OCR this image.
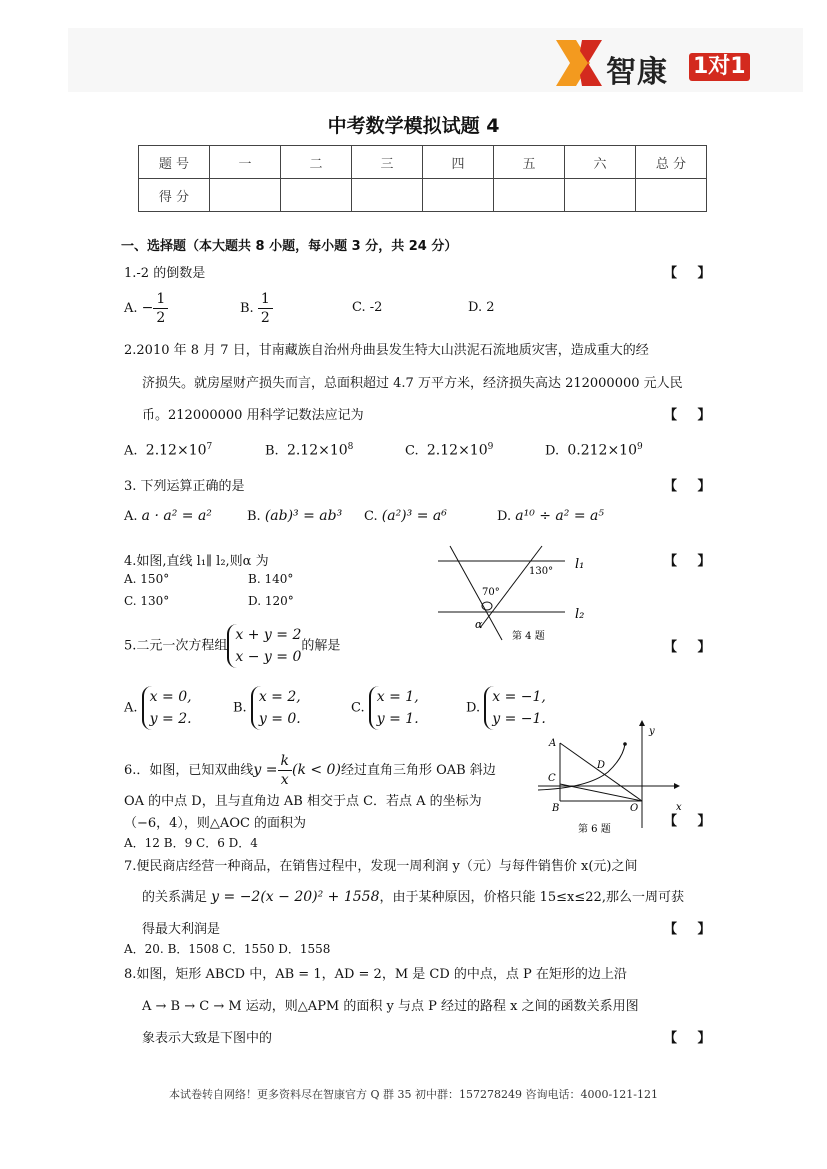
智康 1对1
中考数学模拟试题 4
题 号	一	二	三	四	五	六	总 分
得 分							
一、选择题（本大题共 8 小题，每小题 3 分，共 24 分）
1.-2 的倒数是	【 】
A. − $\frac{1}{2}$	B. $\frac{1}{2}$	C. -2	D. 2
2.2010 年 8 月 7 日，甘南藏族自治州舟曲县发生特大山洪泥石流地质灾害，造成重大的经
济损失。就房屋财产损失而言，总面积超过 4.7 万平方米，经济损失高达 212000000 元人民
币。212000000 用科学记数法应记为	【 】
A. $2.12\times 10^7$	B. $2.12\times 10^8$	C. $2.12\times 10^9$	D. $0.212\times 10^9$
3. 下列运算正确的是	【 】
A. a · a² = a²	B. (ab)³ = ab³ C. (a²)³ = a⁶	D. a¹⁰ ÷ a² = a⁵
4.如图,直线 l₁∥ l₂,则α 为	【 】
A. 150°	B. 140°
C. 130°	D. 120°
130°
70°
α
l₁
l₂
第 4 题
5.二元一次方程组x + y = 2
x − y = 0的解是	【 】
A. x = 0,
y = 2.
B. x = 2,
y = 0.
C. x = 1,
y = 1.
D. x = −1,
y = −1.
6.．如图，已知双曲线$y = \frac{k}{x} (k < 0)$经过直角三角形 OAB 斜边
OA 的中点 D，且与直角边 AB 相交于点 C．若点 A 的坐标为
（−6，4），则△AOC 的面积为
A．12 B．9 C．6 D．4
【 】
A
B
C
D
O	x
y
第 6 题
7.便民商店经营一种商品，在销售过程中，发现一周利润 y（元）与每件销售价 x(元)之间
的关系满足 y = −2(x − 20)² + 1558，由于某种原因，价格只能 15≤x≤22,那么一周可获
得最大利润是	【 】
A．20. B．1508 C．1550 D．1558
8.如图，矩形 ABCD 中，AB = 1，AD = 2，M 是 CD 的中点，点 P 在矩形的边上沿
A → B → C → M 运动，则△APM 的面积 y 与点 P 经过的路程 x 之间的函数关系用图
象表示大致是下图中的	【 】
本试卷转自网络！更多资料尽在智康官方 Q 群 35 初中群：157278249 咨询电话：4000-121-121
